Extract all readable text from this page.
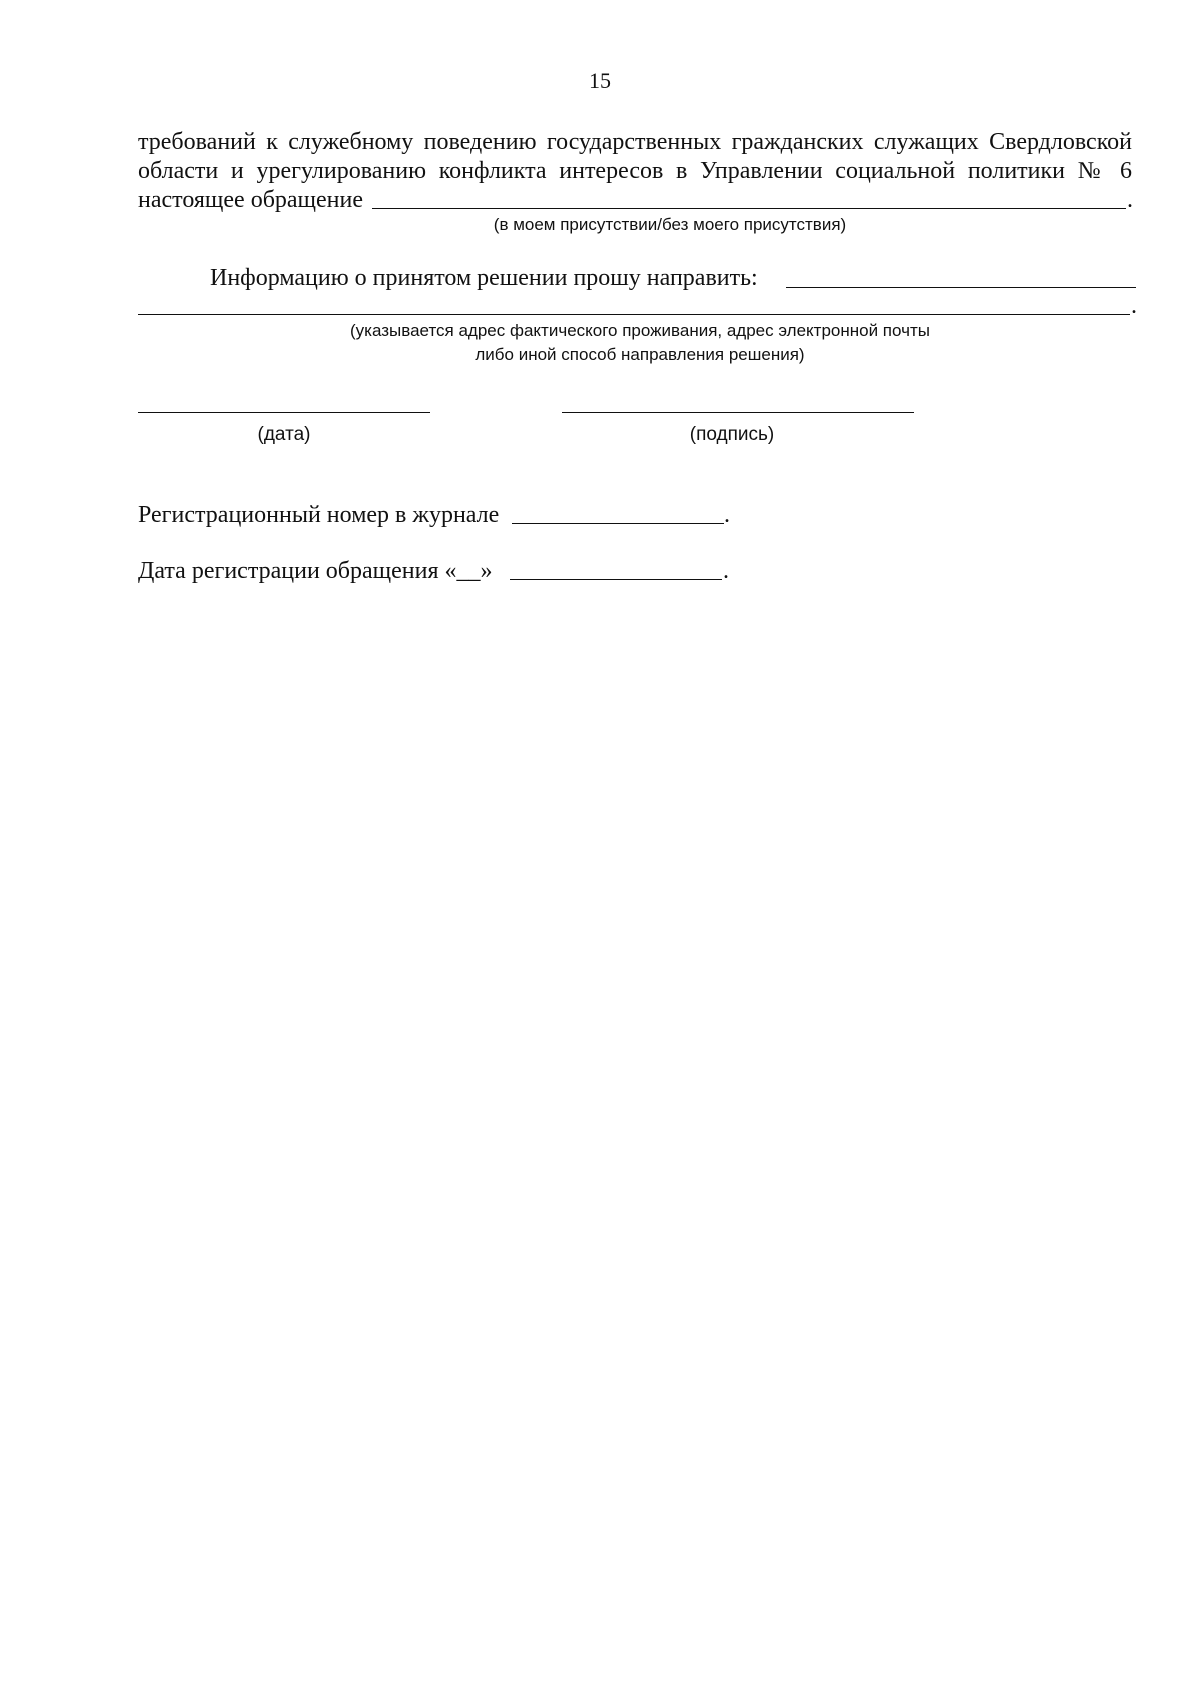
15
требований к служебному поведению государственных гражданских служащих Свердловской
области и урегулированию конфликта интересов в Управлении социальной политики № 6
настоящее обращение	.
(в моем присутствии/без моего присутствия)
Информацию о принятом решении прошу направить:
.
(указывается адрес фактического проживания, адрес электронной почты
либо иной способ направления решения)
(дата)	(подпись)
Регистрационный номер в журнале	.
Дата регистрации обращения «__»	.
